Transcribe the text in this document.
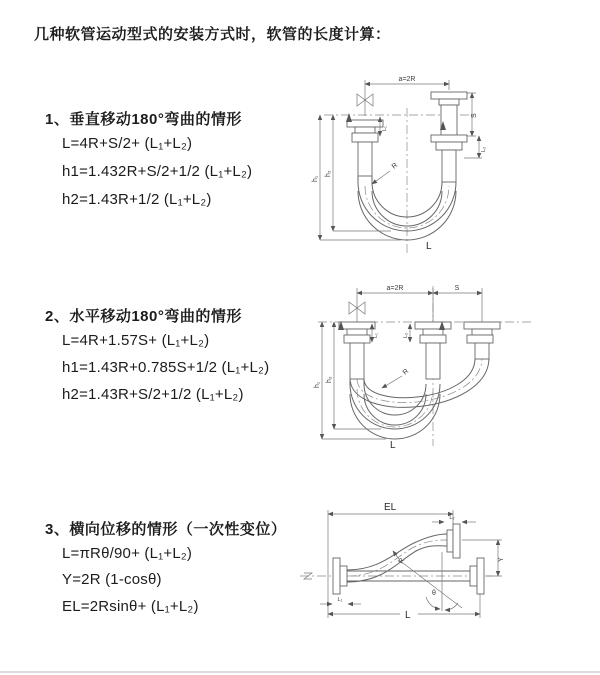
几种软管运动型式的安装方式时，软管的长度计算：
1、垂直移动180°弯曲的情形
L=4R+S/2+ (L₁+L₂)
h1=1.432R+S/2+1/2 (L₁+L₂)
h2=1.43R+1/2 (L₁+L₂)
a=2R
S
h₁
h₂
L₁
L₂
R
L
2、水平移动180°弯曲的情形
L=4R+1.57S+ (L₁+L₂)
h1=1.43R+0.785S+1/2 (L₁+L₂)
h2=1.43R+S/2+1/2 (L₁+L₂)
a=2R	S
h₁
h₂
L₁	L₂
R
L
3、横向位移的情形（一次性变位）
L=πRθ/90+ (L₁+L₂)
Y=2R (1-cosθ)
EL=2Rsinθ+ (L₁+L₂)
EL
L₂
L₁
Y
θ
R
L
